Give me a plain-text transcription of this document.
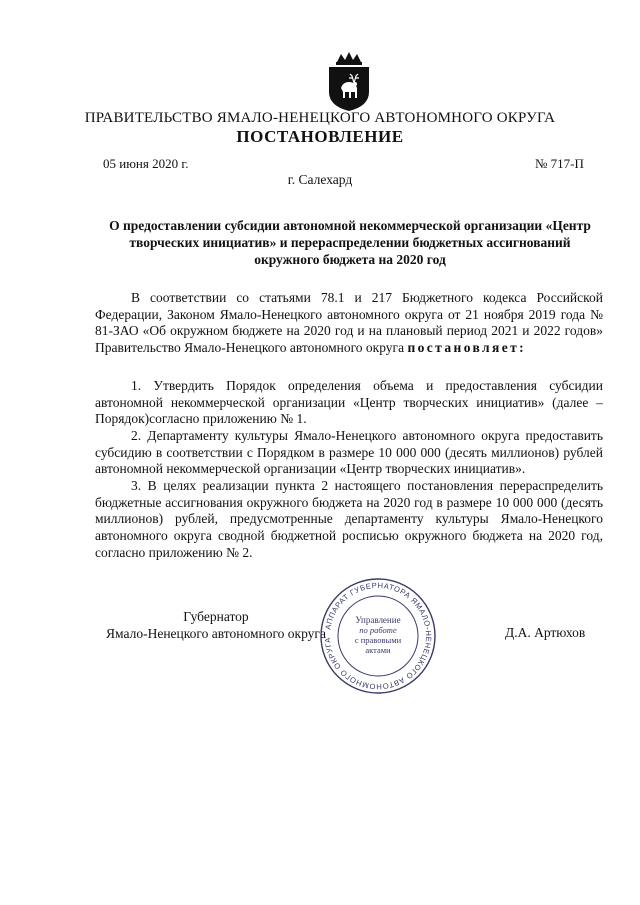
ПРАВИТЕЛЬСТВО ЯМАЛО-НЕНЕЦКОГО АВТОНОМНОГО ОКРУГА
ПОСТАНОВЛЕНИЕ
05 июня 2020 г.	№ 717-П
г. Салехард
О предоставлении субсидии автономной некоммерческой организации «Центр творческих инициатив» и перераспределении бюджетных ассигнований окружного бюджета на 2020 год

В соответствии со статьями 78.1 и 217 Бюджетного кодекса Российской Федерации, Законом Ямало-Ненецкого автономного округа от 21 ноября 2019 года № 81-ЗАО «Об окружном бюджете на 2020 год и на плановый период 2021 и 2022 годов» Правительство Ямало-Ненецкого автономного округа постановляет:

1. Утвердить Порядок определения объема и предоставления субсидии автономной некоммерческой организации «Центр творческих инициатив» (далее – Порядок)согласно приложению № 1.

2. Департаменту культуры Ямало-Ненецкого автономного округа предоставить субсидию в соответствии с Порядком в размере 10 000 000 (десять миллионов) рублей автономной некоммерческой организации «Центр творческих инициатив».

3. В целях реализации пункта 2 настоящего постановления перераспределить бюджетные ассигнования окружного бюджета на 2020 год в размере 10 000 000 (десять миллионов) рублей, предусмотренные департаменту культуры Ямало-Ненецкого автономного округа сводной бюджетной росписью окружного бюджета на 2020 год, согласно приложению № 2.

Губернатор
Ямало-Ненецкого автономного округа	Д.А. Артюхов
АППАРАТ ГУБЕРНАТОРА ЯМАЛО-НЕНЕЦКОГО АВТОНОМНОГО ОКРУГА
Управление
по работе
с правовыми
актами
